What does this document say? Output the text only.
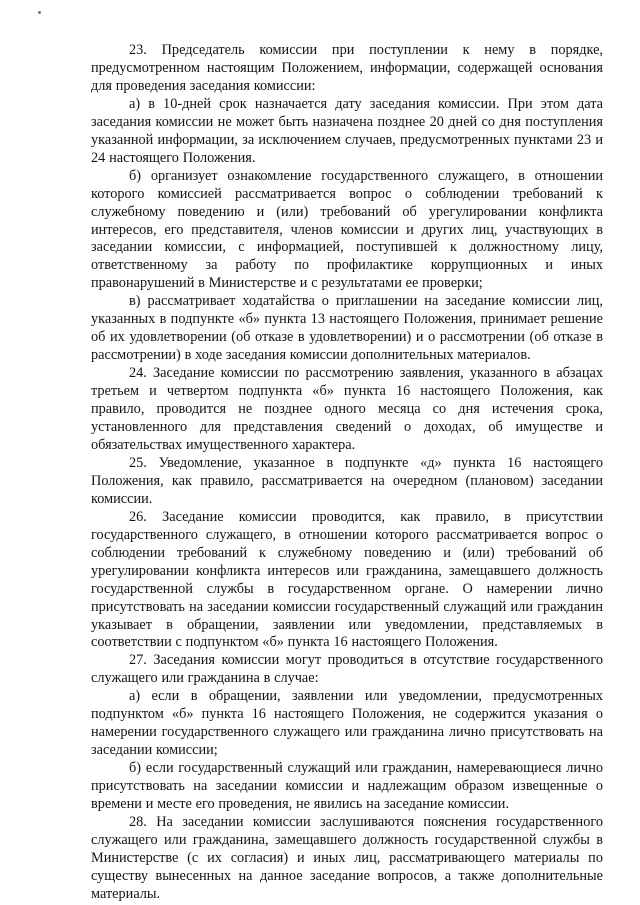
23. Председатель комиссии при поступлении к нему в порядке, предусмотренном настоящим Положением, информации, содержащей основания для проведения заседания комиссии:

а) в 10-дней срок назначается дату заседания комиссии. При этом дата заседания комиссии не может быть назначена позднее 20 дней со дня поступления указанной информации, за исключением случаев, предусмотренных пунктами 23 и 24 настоящего Положения.

б) организует ознакомление государственного служащего, в отношении которого комиссией рассматривается вопрос о соблюдении требований к служебному поведению и (или) требований об урегулировании конфликта интересов, его представителя, членов комиссии и других лиц, участвующих в заседании комиссии, с информацией, поступившей к должностному лицу, ответственному за работу по профилактике коррупционных и иных правонарушений в Министерстве и с результатами ее проверки;

в) рассматривает ходатайства о приглашении на заседание комиссии лиц, указанных в подпункте «б» пункта 13 настоящего Положения, принимает решение об их удовлетворении (об отказе в удовлетворении) и о рассмотрении (об отказе в рассмотрении) в ходе заседания комиссии дополнительных материалов.

24. Заседание комиссии по рассмотрению заявления, указанного в абзацах третьем и четвертом подпункта «б» пункта 16 настоящего Положения, как правило, проводится не позднее одного месяца со дня истечения срока, установленного для представления сведений о доходах, об имуществе и обязательствах имущественного характера.

25. Уведомление, указанное в подпункте «д» пункта 16 настоящего Положения, как правило, рассматривается на очередном (плановом) заседании комиссии.

26. Заседание комиссии проводится, как правило, в присутствии государственного служащего, в отношении которого рассматривается вопрос о соблюдении требований к служебному поведению и (или) требований об урегулировании конфликта интересов или гражданина, замещавшего должность государственной службы в государственном органе. О намерении лично присутствовать на заседании комиссии государственный служащий или гражданин указывает в обращении, заявлении или уведомлении, представляемых в соответствии с подпунктом «б» пункта 16 настоящего Положения.

27. Заседания комиссии могут проводиться в отсутствие государственного служащего или гражданина в случае:

а) если в обращении, заявлении или уведомлении, предусмотренных подпунктом «б» пункта 16 настоящего Положения, не содержится указания о намерении государственного служащего или гражданина лично присутствовать на заседании комиссии;

б) если государственный служащий или гражданин, намеревающиеся лично присутствовать на заседании комиссии и надлежащим образом извещенные о времени и месте его проведения, не явились на заседание комиссии.

28. На заседании комиссии заслушиваются пояснения государственного служащего или гражданина, замещавшего должность государственной службы в Министерстве (с их согласия) и иных лиц, рассматривающего материалы по существу вынесенных на данное заседание вопросов, а также дополнительные материалы.
